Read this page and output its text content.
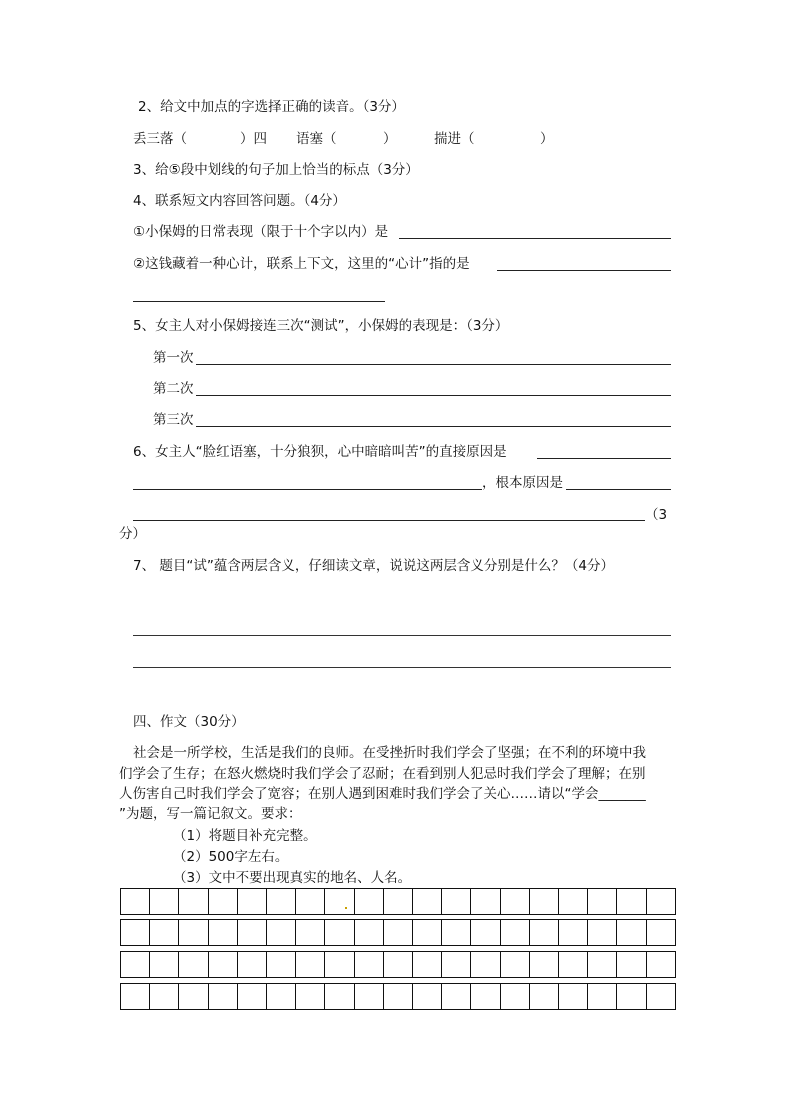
2、给文中加点的字选择正确的读音。（3分）
丢三落（	）四 语塞（	）	揣进（	）
3、给⑤段中划线的句子加上恰当的标点（3分）
4、联系短文内容回答问题。（4分）
①小保姆的日常表现（限于十个字以内）是
②这钱藏着一种心计，联系上下文，这里的“心计”指的是
5、女主人对小保姆接连三次“测试”，小保姆的表现是：（3分）
第一次
第二次
第三次
6、女主人“脸红语塞，十分狼狈，心中暗暗叫苦”的直接原因是
，根本原因是
（3
分）
7、 题目“试”蕴含两层含义，仔细读文章，说说这两层含义分别是什么？（4分）
四、作文（30分）
社会是一所学校，生活是我们的良师。在受挫折时我们学会了坚强；在不利的环境中我
们学会了生存；在怒火燃烧时我们学会了忍耐；在看到别人犯忌时我们学会了理解；在别
人伤害自己时我们学会了宽容；在别人遇到困难时我们学会了关心……请以“学会_______
”为题，写一篇记叙文。要求：
（1）将题目补充完整。
（2）500字左右。
（3）文中不要出现真实的地名、人名。
